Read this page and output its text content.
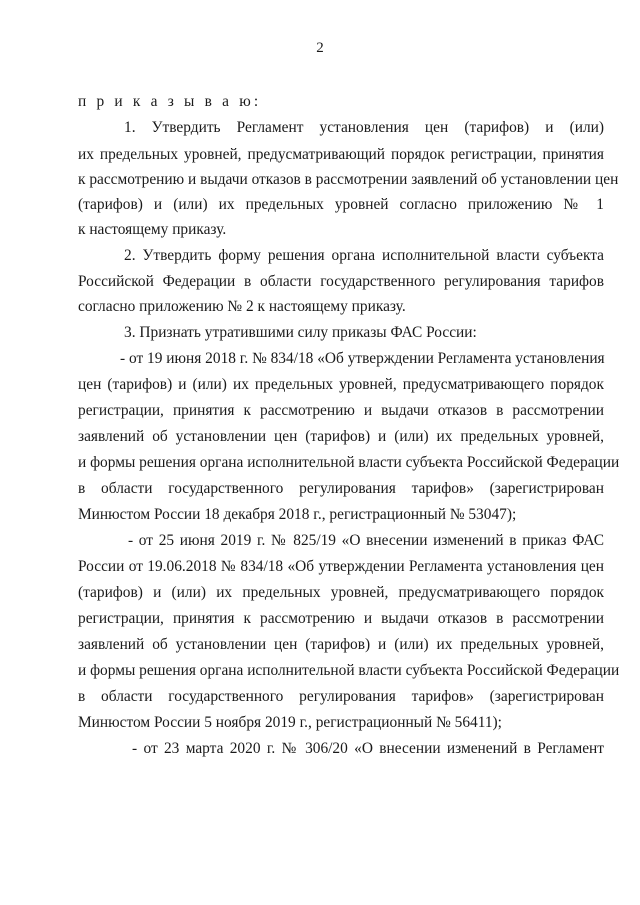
2
п р и к а з ы в а ю:
1. Утвердить Регламент установления цен (тарифов) и (или)
их предельных уровней, предусматривающий порядок регистрации, принятия
к рассмотрению и выдачи отказов в рассмотрении заявлений об установлении цен
(тарифов) и (или) их предельных уровней согласно приложению № 1
к настоящему приказу.
2. Утвердить форму решения органа исполнительной власти субъекта
Российской Федерации в области государственного регулирования тарифов
согласно приложению № 2 к настоящему приказу.
3. Признать утратившими силу приказы ФАС России:
- от 19 июня 2018 г. № 834/18 «Об утверждении Регламента установления
цен (тарифов) и (или) их предельных уровней, предусматривающего порядок
регистрации, принятия к рассмотрению и выдачи отказов в рассмотрении
заявлений об установлении цен (тарифов) и (или) их предельных уровней,
и формы решения органа исполнительной власти субъекта Российской Федерации
в области государственного регулирования тарифов» (зарегистрирован
Минюстом России 18 декабря 2018 г., регистрационный № 53047);
- от 25 июня 2019 г. № 825/19 «О внесении изменений в приказ ФАС
России от 19.06.2018 № 834/18 «Об утверждении Регламента установления цен
(тарифов) и (или) их предельных уровней, предусматривающего порядок
регистрации, принятия к рассмотрению и выдачи отказов в рассмотрении
заявлений об установлении цен (тарифов) и (или) их предельных уровней,
и формы решения органа исполнительной власти субъекта Российской Федерации
в области государственного регулирования тарифов» (зарегистрирован
Минюстом России 5 ноября 2019 г., регистрационный № 56411);
- от 23 марта 2020 г. № 306/20 «О внесении изменений в Регламент
